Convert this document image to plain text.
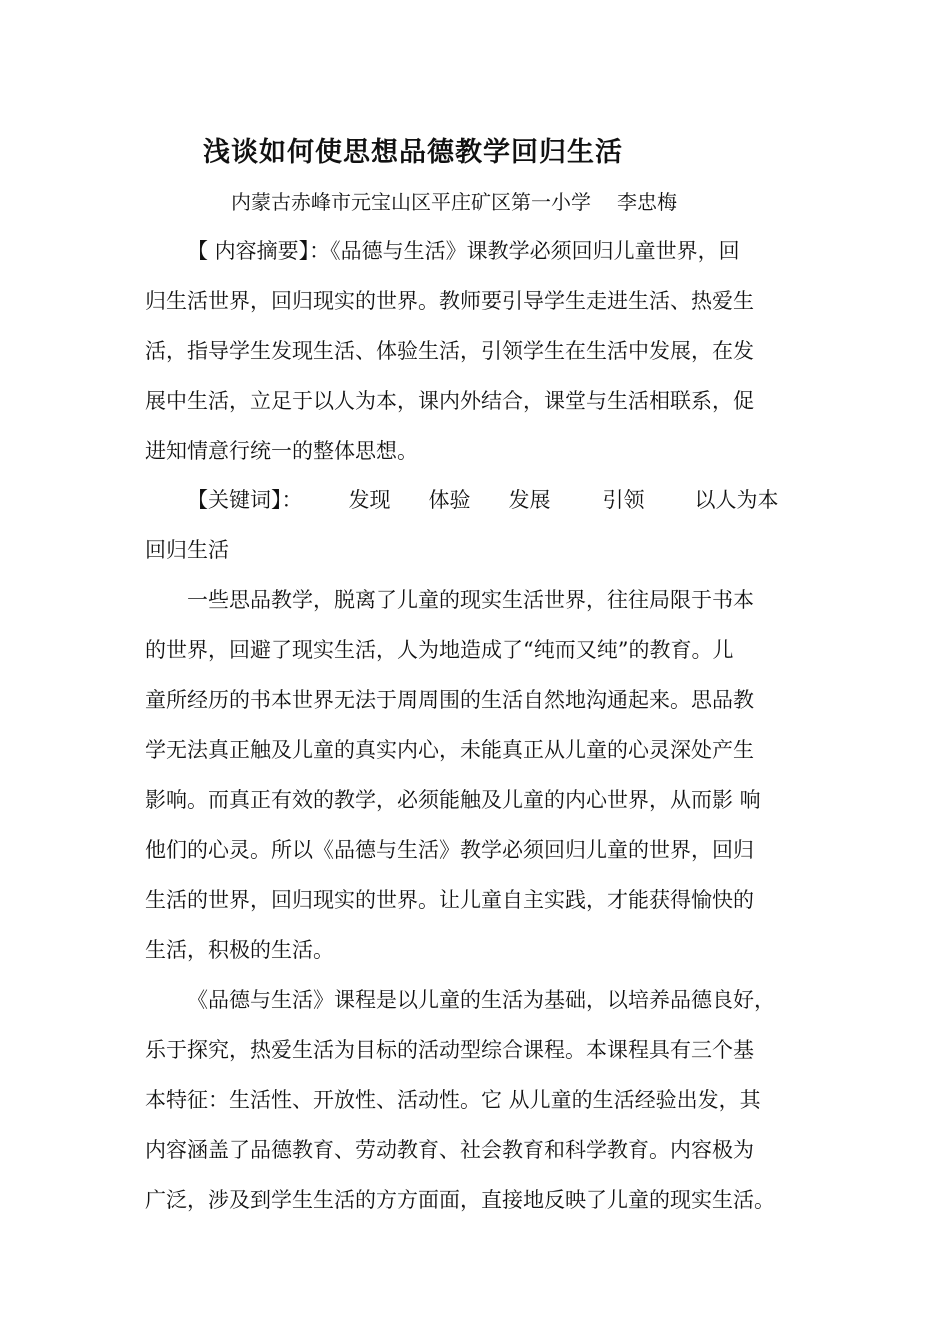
浅谈如何使思想品德教学回归生活
内蒙古赤峰市元宝山区平庄矿区第一小学 李忠梅
【 内容摘要】：《品德与生活》课教学必须回归儿童世界，回
归生活世界，回归现实的世界。教师要引导学生走进生活、热爱生
活，指导学生发现生活、体验生活，引领学生在生活中发展，在发
展中生活，立足于以人为本，课内外结合，课堂与生活相联系，促
进知情意行统一的整体思想。
【关键词】： 发现 体验 发展 引领 以人为本
回归生活
一些思品教学，脱离了儿童的现实生活世界，往往局限于书本
的世界，回避了现实生活，人为地造成了“纯而又纯”的教育。儿
童所经历的书本世界无法于周周围的生活自然地沟通起来。思品教
学无法真正触及儿童的真实内心，未能真正从儿童的心灵深处产生
影响。而真正有效的教学，必须能触及儿童的内心世界，从而影 响
他们的心灵。所以《品德与生活》教学必须回归儿童的世界，回归
生活的世界，回归现实的世界。让儿童自主实践，才能获得愉快的
生活，积极的生活。
《品德与生活》课程是以儿童的生活为基础，以培养品德良好，
乐于探究，热爱生活为目标的活动型综合课程。本课程具有三个基
本特征：生活性、开放性、活动性。它 从儿童的生活经验出发，其
内容涵盖了品德教育、劳动教育、社会教育和科学教育。内容极为
广泛，涉及到学生生活的方方面面，直接地反映了儿童的现实生活。
